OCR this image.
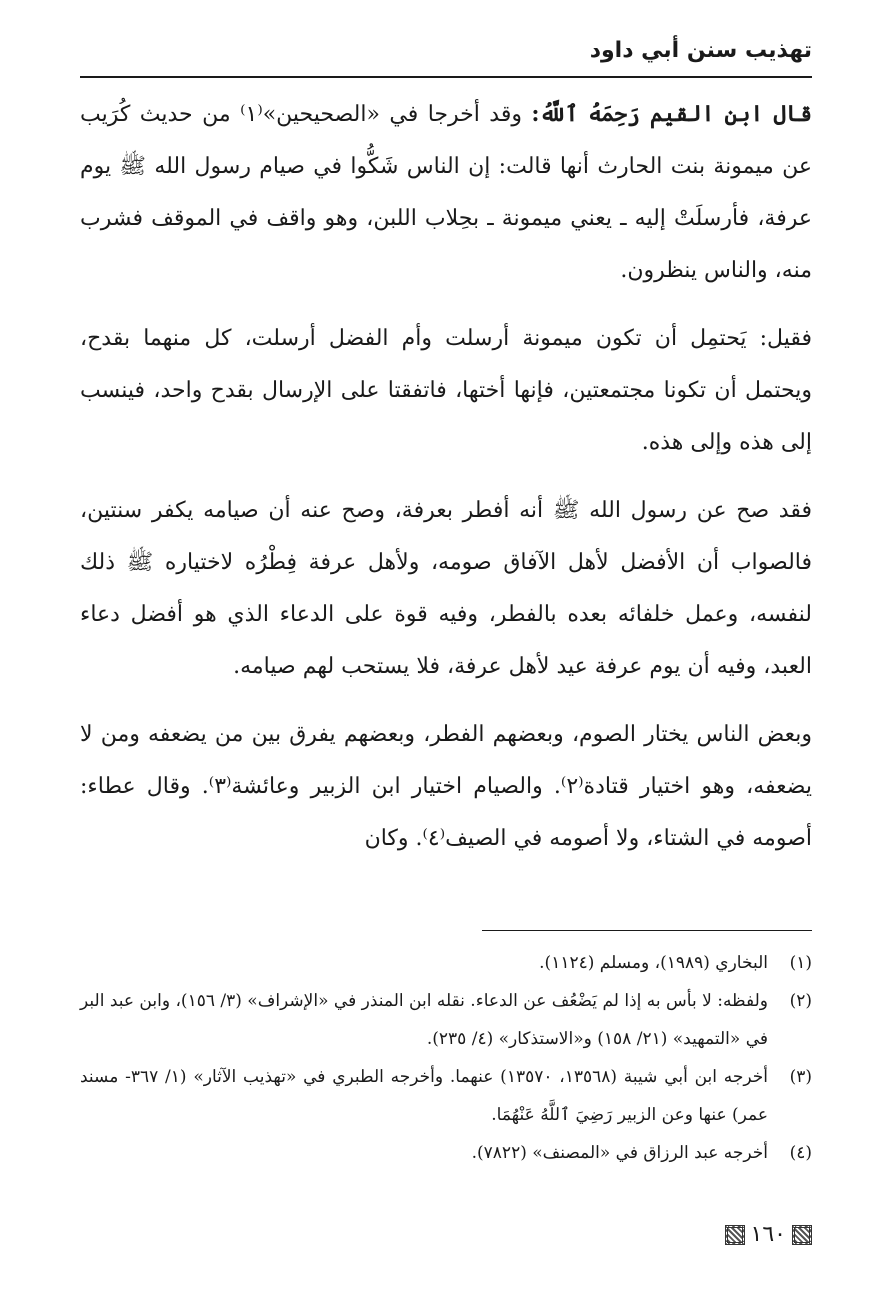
تهذيب سنن أبي داود

قال ابن القيم رَحِمَهُ ٱللَّهُ: وقد أخرجا في «الصحيحين»⁽١⁾ من حديث كُرَيب عن ميمونة بنت الحارث أنها قالت: إن الناس شَكُّوا في صيام رسول الله ﷺ يوم عرفة، فأرسلَتْ إليه ـ يعني ميمونة ـ بحِلاب اللبن، وهو واقف في الموقف فشرب منه، والناس ينظرون.

فقيل: يَحتمِل أن تكون ميمونة أرسلت وأم الفضل أرسلت، كل منهما بقدح، ويحتمل أن تكونا مجتمعتين، فإنها أختها، فاتفقتا على الإرسال بقدح واحد، فينسب إلى هذه وإلى هذه.

فقد صح عن رسول الله ﷺ أنه أفطر بعرفة، وصح عنه أن صيامه يكفر سنتين، فالصواب أن الأفضل لأهل الآفاق صومه، ولأهل عرفة فِطْرُه لاختياره ﷺ ذلك لنفسه، وعمل خلفائه بعده بالفطر، وفيه قوة على الدعاء الذي هو أفضل دعاء العبد، وفيه أن يوم عرفة عيد لأهل عرفة، فلا يستحب لهم صيامه.

وبعض الناس يختار الصوم، وبعضهم الفطر، وبعضهم يفرق بين من يضعفه ومن لا يضعفه، وهو اختيار قتادة⁽٢⁾. والصيام اختيار ابن الزبير وعائشة⁽٣⁾. وقال عطاء: أصومه في الشتاء، ولا أصومه في الصيف⁽٤⁾. وكان

(١)
البخاري (١٩٨٩)، ومسلم (١١٢٤).
(٢)
ولفظه: لا بأس به إذا لم يَضْعُف عن الدعاء. نقله ابن المنذر في «الإشراف» (٣/ ١٥٦)، وابن عبد البر في «التمهيد» (٢١/ ١٥٨) و«الاستذكار» (٤/ ٢٣٥).
(٣)
أخرجه ابن أبي شيبة (١٣٥٦٨، ١٣٥٧٠) عنهما. وأخرجه الطبري في «تهذيب الآثار» (١/ ٣٦٧- مسند عمر) عنها وعن الزبير رَضِيَ ٱللَّهُ عَنْهُمَا.
(٤)
أخرجه عبد الرزاق في «المصنف» (٧٨٢٢).
١٦٠
